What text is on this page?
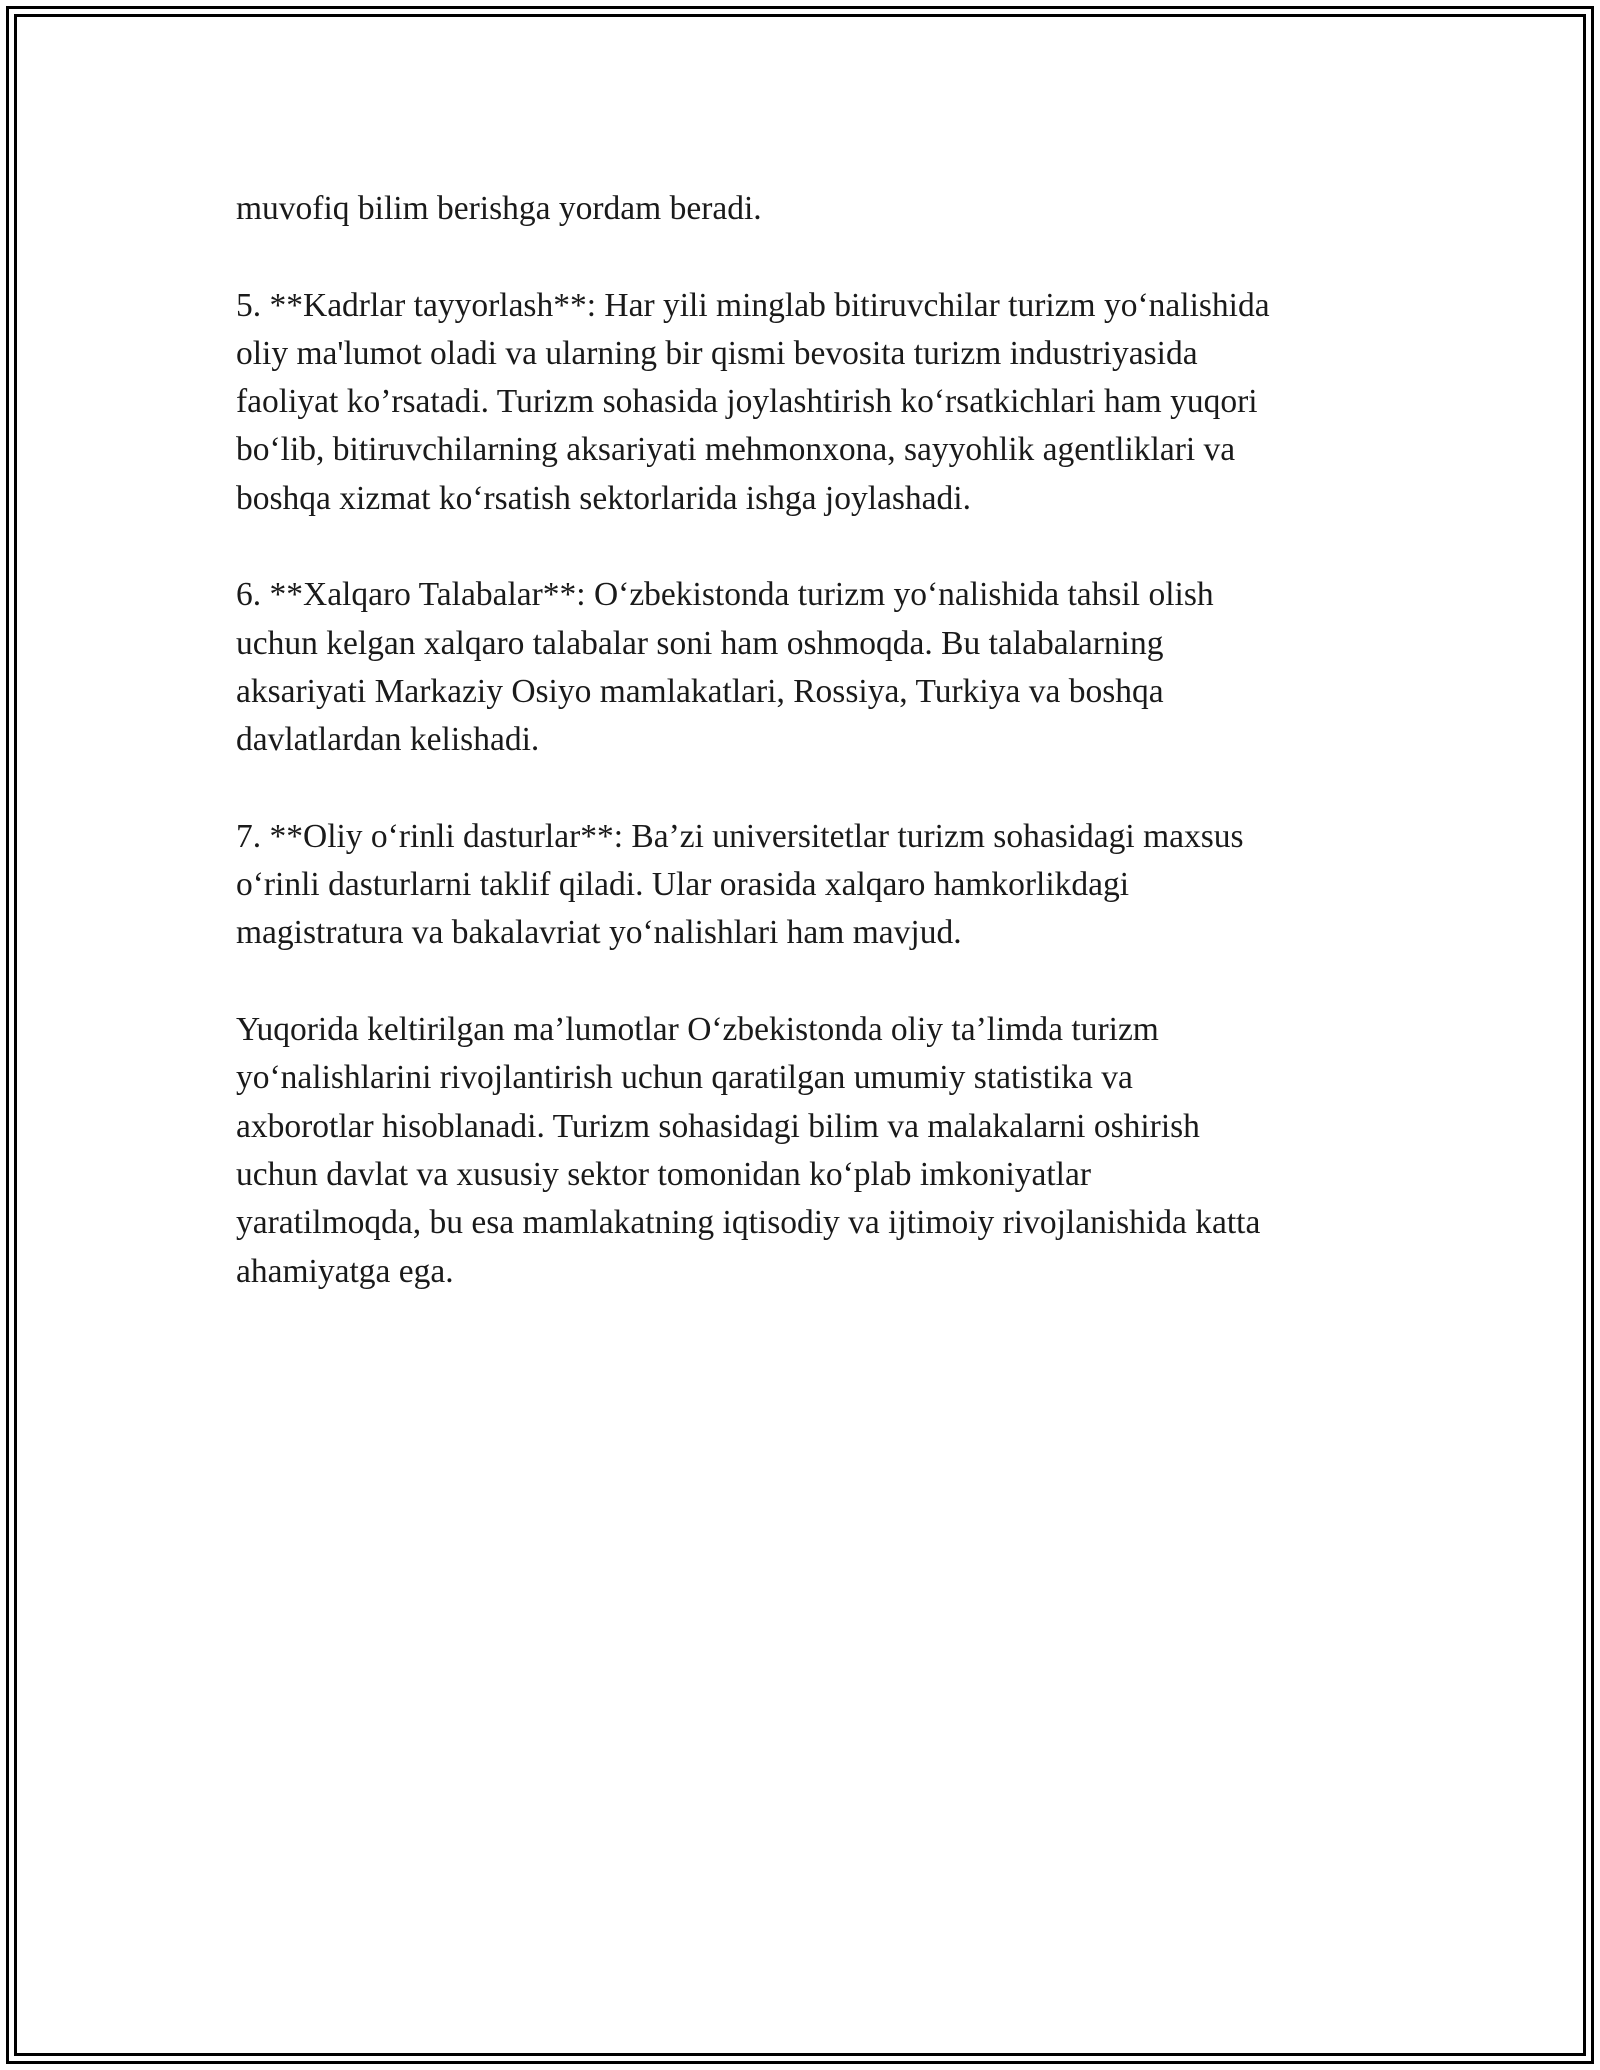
muvofiq bilim berishga yordam beradi.

5. **Kadrlar tayyorlash**: Har yili minglab bitiruvchilar turizm yo‘nalishida
oliy ma'lumot oladi va ularning bir qismi bevosita turizm industriyasida
faoliyat ko’rsatadi. Turizm sohasida joylashtirish ko‘rsatkichlari ham yuqori
bo‘lib, bitiruvchilarning aksariyati mehmonxona, sayyohlik agentliklari va
boshqa xizmat ko‘rsatish sektorlarida ishga joylashadi.

6. **Xalqaro Talabalar**: O‘zbekistonda turizm yo‘nalishida tahsil olish
uchun kelgan xalqaro talabalar soni ham oshmoqda. Bu talabalarning
aksariyati Markaziy Osiyo mamlakatlari, Rossiya, Turkiya va boshqa
davlatlardan kelishadi.

7. **Oliy o‘rinli dasturlar**: Ba’zi universitetlar turizm sohasidagi maxsus
o‘rinli dasturlarni taklif qiladi. Ular orasida xalqaro hamkorlikdagi
magistratura va bakalavriat yo‘nalishlari ham mavjud.

Yuqorida keltirilgan ma’lumotlar O‘zbekistonda oliy ta’limda turizm
yo‘nalishlarini rivojlantirish uchun qaratilgan umumiy statistika va
axborotlar hisoblanadi. Turizm sohasidagi bilim va malakalarni oshirish
uchun davlat va xususiy sektor tomonidan ko‘plab imkoniyatlar
yaratilmoqda, bu esa mamlakatning iqtisodiy va ijtimoiy rivojlanishida katta
ahamiyatga ega.
